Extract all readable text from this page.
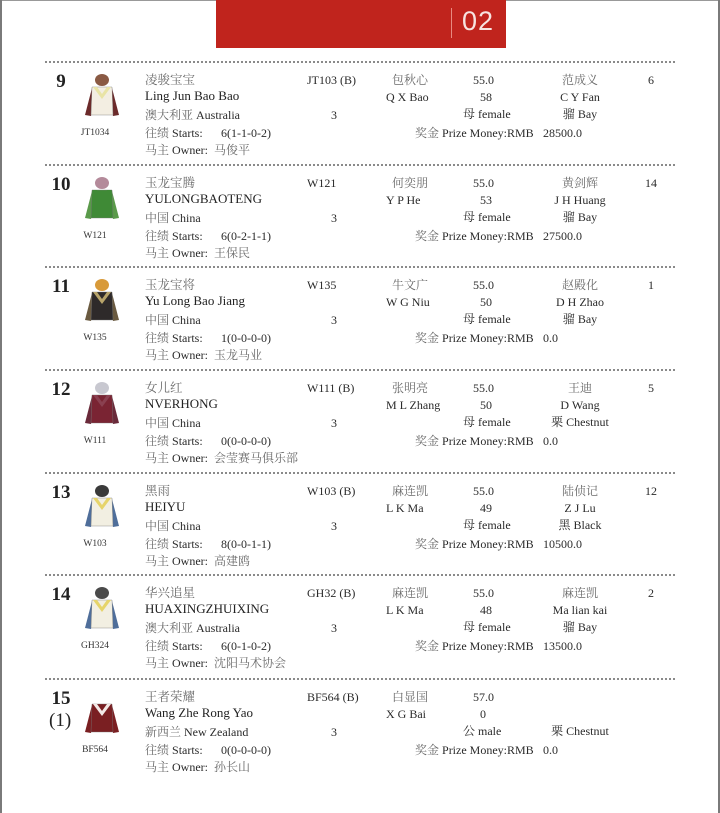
02
9
JT1034
凌骏宝宝
Ling Jun Bao Bao
澳大利亚 Australia
往绩 Starts: 6(1-1-0-2)
马主 Owner: 马俊平
JT103 (B)
3
包秋心
Q X Bao
55.0
58
母 female
范成义
C Y Fan
骝 Bay
6
奖金 Prize Money:RMB 28500.0
10
W121
玉龙宝腾
YULONGBAOTENG
中国 China
往绩 Starts: 6(0-2-1-1)
马主 Owner: 王保民
W121
3
何奕朋
Y P He
55.0
53
母 female
黄剑辉
J H Huang
骝 Bay
14
奖金 Prize Money:RMB 27500.0
11
W135
玉龙宝将
Yu Long Bao Jiang
中国 China
往绩 Starts: 1(0-0-0-0)
马主 Owner: 玉龙马业
W135
3
牛文广
W G Niu
55.0
50
母 female
赵殿化
D H Zhao
骝 Bay
1
奖金 Prize Money:RMB 0.0
12
W111
女儿红
NVERHONG
中国 China
往绩 Starts: 0(0-0-0-0)
马主 Owner: 会莹赛马俱乐部
W111 (B)
3
张明亮
M L Zhang
55.0
50
母 female
王迪
D Wang
栗 Chestnut
5
奖金 Prize Money:RMB 0.0
13
W103
黑雨
HEIYU
中国 China
往绩 Starts: 8(0-0-1-1)
马主 Owner: 高建鸥
W103 (B)
3
麻连凯
L K Ma
55.0
49
母 female
陆侦记
Z J Lu
黑 Black
12
奖金 Prize Money:RMB 10500.0
14
GH324
华兴追星
HUAXINGZHUIXING
澳大利亚 Australia
往绩 Starts: 6(0-1-0-2)
马主 Owner: 沈阳马术协会
GH32 (B)
3
麻连凯
L K Ma
55.0
48
母 female
麻连凯
Ma lian kai
骝 Bay
2
奖金 Prize Money:RMB 13500.0
15
(1)
BF564
王者荣耀
Wang Zhe Rong Yao
新西兰 New Zealand
往绩 Starts: 0(0-0-0-0)
马主 Owner: 孙长山
BF564 (B)
3
白显国
X G Bai
57.0
0
公 male	栗 Chestnut
奖金 Prize Money:RMB 0.0
